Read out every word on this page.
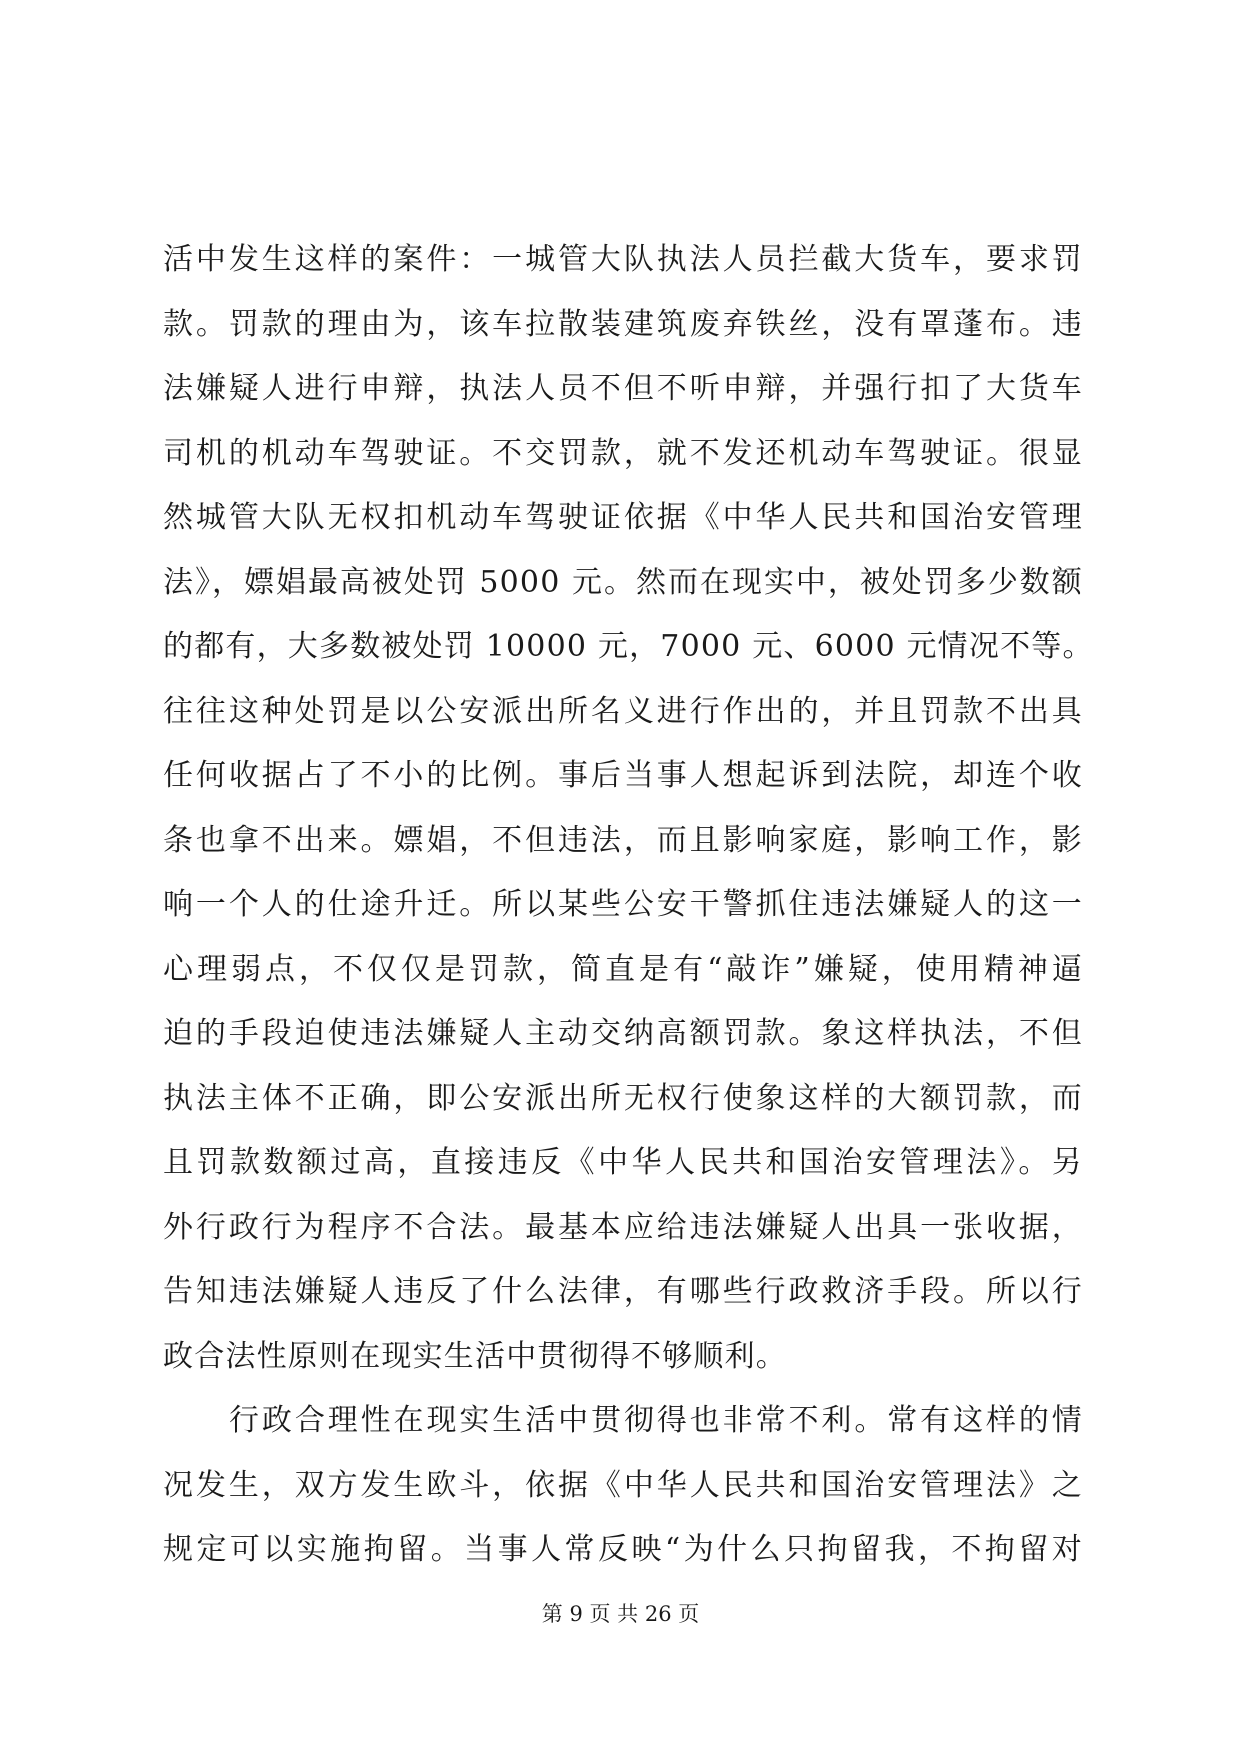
活中发生这样的案件：一城管大队执法人员拦截大货车，要求罚
款。罚款的理由为，该车拉散装建筑废弃铁丝，没有罩蓬布。违
法嫌疑人进行申辩，执法人员不但不听申辩，并强行扣了大货车
司机的机动车驾驶证。不交罚款，就不发还机动车驾驶证。很显
然城管大队无权扣机动车驾驶证依据《中华人民共和国治安管理
法》，嫖娼最高被处罚 5000 元。然而在现实中，被处罚多少数额
的都有，大多数被处罚 10000 元，7000 元、6000 元情况不等。
往往这种处罚是以公安派出所名义进行作出的，并且罚款不出具
任何收据占了不小的比例。事后当事人想起诉到法院，却连个收
条也拿不出来。嫖娼，不但违法，而且影响家庭，影响工作，影
响一个人的仕途升迁。所以某些公安干警抓住违法嫌疑人的这一
心理弱点，不仅仅是罚款，简直是有“敲诈”嫌疑，使用精神逼
迫的手段迫使违法嫌疑人主动交纳高额罚款。象这样执法，不但
执法主体不正确，即公安派出所无权行使象这样的大额罚款，而
且罚款数额过高，直接违反《中华人民共和国治安管理法》。另
外行政行为程序不合法。最基本应给违法嫌疑人出具一张收据，
告知违法嫌疑人违反了什么法律，有哪些行政救济手段。所以行
政合法性原则在现实生活中贯彻得不够顺利。
行政合理性在现实生活中贯彻得也非常不利。常有这样的情
况发生，双方发生欧斗，依据《中华人民共和国治安管理法》之
规定可以实施拘留。当事人常反映“为什么只拘留我，不拘留对
第 9 页 共 26 页
